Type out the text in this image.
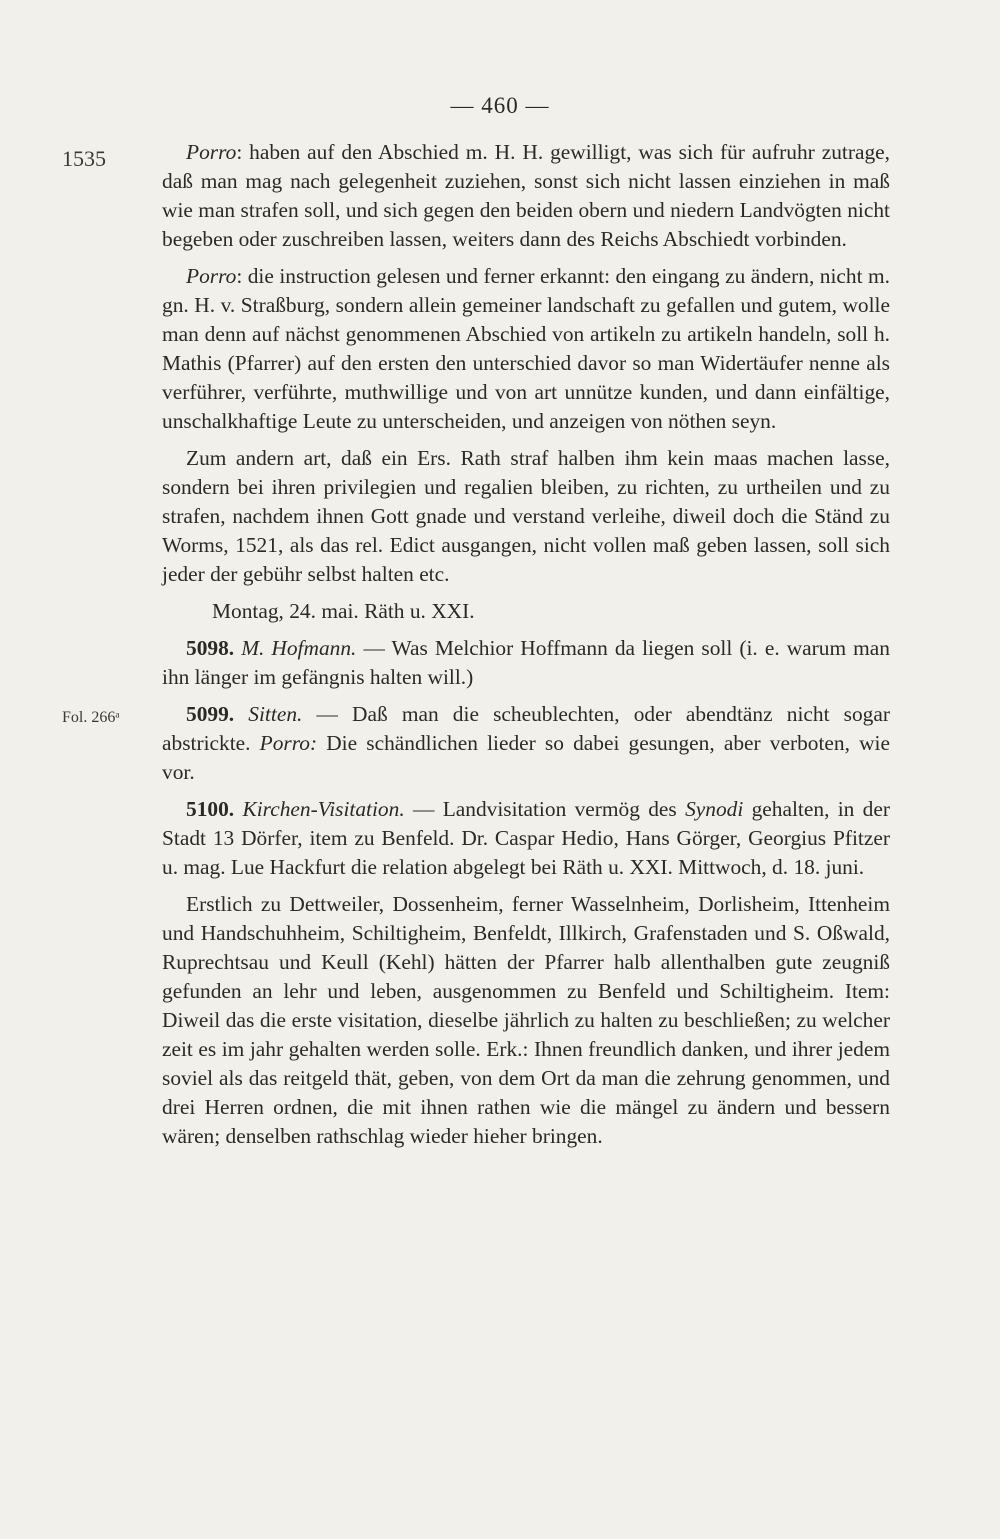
— 460 —
1535
Fol. 266ᵃ

Porro: haben auf den Abschied m. H. H. gewilligt, was sich für aufruhr zutrage, daß man mag nach gelegenheit zuziehen, sonst sich nicht lassen einziehen in maß wie man strafen soll, und sich gegen den beiden obern und niedern Landvögten nicht begeben oder zuschreiben lassen, weiters dann des Reichs Abschiedt vorbinden.

Porro: die instruction gelesen und ferner erkannt: den eingang zu ändern, nicht m. gn. H. v. Straßburg, sondern allein gemeiner landschaft zu gefallen und gutem, wolle man denn auf nächst genommenen Abschied von artikeln zu artikeln handeln, soll h. Mathis (Pfarrer) auf den ersten den unterschied davor so man Widertäufer nenne als verführer, verführte, muthwillige und von art unnütze kunden, und dann einfältige, unschalkhaftige Leute zu unterscheiden, und anzeigen von nöthen seyn.

Zum andern art, daß ein Ers. Rath straf halben ihm kein maas machen lasse, sondern bei ihren privilegien und regalien bleiben, zu richten, zu urtheilen und zu strafen, nachdem ihnen Gott gnade und verstand verleihe, diweil doch die Ständ zu Worms, 1521, als das rel. Edict ausgangen, nicht vollen maß geben lassen, soll sich jeder der gebühr selbst halten etc.

Montag, 24. mai. Räth u. XXI.

5098. M. Hofmann. — Was Melchior Hoffmann da liegen soll (i. e. warum man ihn länger im gefängnis halten will.)

5099. Sitten. — Daß man die scheublechten, oder abendtänz nicht sogar abstrickte. Porro: Die schändlichen lieder so dabei gesungen, aber verboten, wie vor.

5100. Kirchen-Visitation. — Landvisitation vermög des Synodi gehalten, in der Stadt 13 Dörfer, item zu Benfeld. Dr. Caspar Hedio, Hans Görger, Georgius Pfitzer u. mag. Lue Hackfurt die relation abgelegt bei Räth u. XXI. Mittwoch, d. 18. juni.

Erstlich zu Dettweiler, Dossenheim, ferner Wasselnheim, Dorlisheim, Ittenheim und Handschuhheim, Schiltigheim, Benfeldt, Illkirch, Grafenstaden und S. Oßwald, Ruprechtsau und Keull (Kehl) hätten der Pfarrer halb allenthalben gute zeugniß gefunden an lehr und leben, ausgenommen zu Benfeld und Schiltigheim. Item: Diweil das die erste visitation, dieselbe jährlich zu halten zu beschließen; zu welcher zeit es im jahr gehalten werden solle. Erk.: Ihnen freundlich danken, und ihrer jedem soviel als das reitgeld thät, geben, von dem Ort da man die zehrung genommen, und drei Herren ordnen, die mit ihnen rathen wie die mängel zu ändern und bessern wären; denselben rathschlag wieder hieher bringen.
